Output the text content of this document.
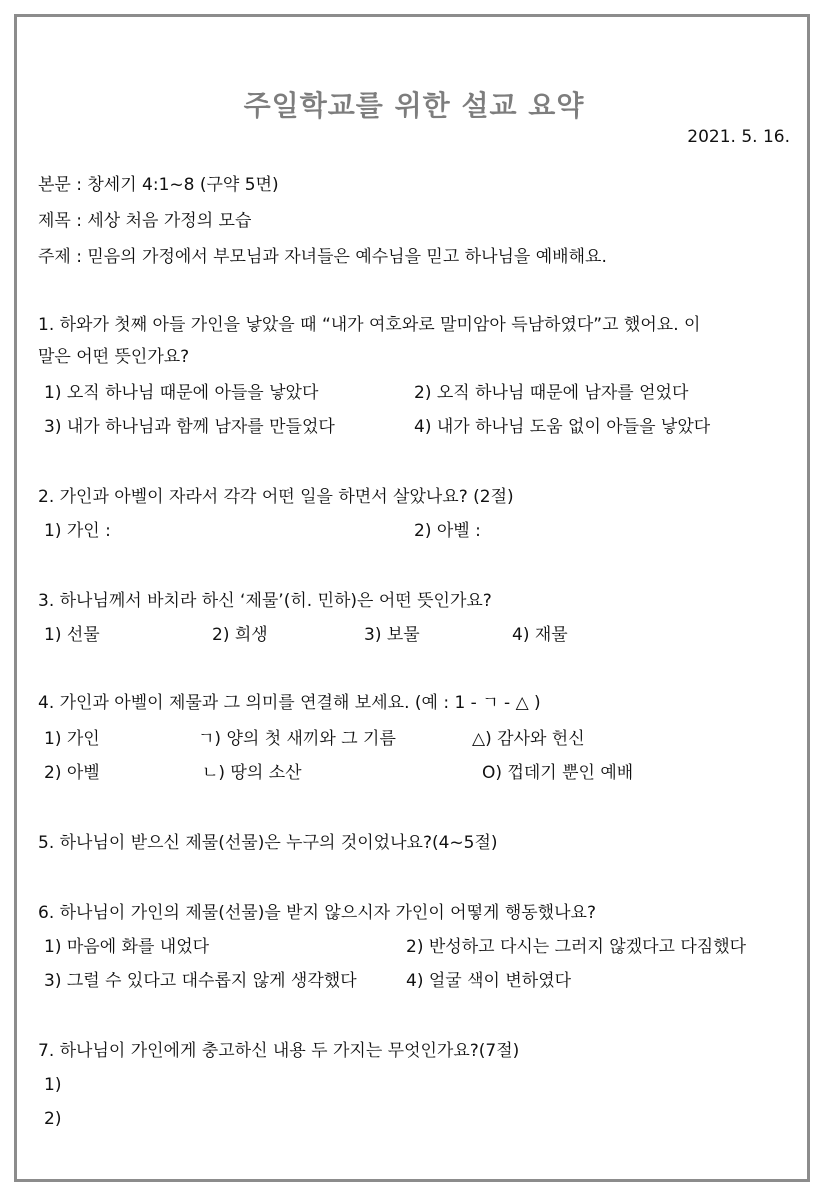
주일학교를 위한 설교 요약
2021. 5. 16.
본문 : 창세기 4:1~8 (구약 5면)
제목 : 세상 처음 가정의 모습
주제 : 믿음의 가정에서 부모님과 자녀들은 예수님을 믿고 하나님을 예배해요.
1. 하와가 첫째 아들 가인을 낳았을 때 “내가 여호와로 말미암아 득남하였다”고 했어요. 이
말은 어떤 뜻인가요?
1) 오직 하나님 때문에 아들을 낳았다	2) 오직 하나님 때문에 남자를 얻었다
3) 내가 하나님과 함께 남자를 만들었다	4) 내가 하나님 도움 없이 아들을 낳았다
2. 가인과 아벨이 자라서 각각 어떤 일을 하면서 살았나요? (2절)
1) 가인 :	2) 아벨 :
3. 하나님께서 바치라 하신 ‘제물’(히. 민하)은 어떤 뜻인가요?
1) 선물	2) 희생	3) 보물	4) 재물
4. 가인과 아벨이 제물과 그 의미를 연결해 보세요. (예 : 1 - ㄱ - △ )
1) 가인	ㄱ) 양의 첫 새끼와 그 기름	△) 감사와 헌신
2) 아벨	ㄴ) 땅의 소산	O) 껍데기 뿐인 예배
5. 하나님이 받으신 제물(선물)은 누구의 것이었나요?(4~5절)
6. 하나님이 가인의 제물(선물)을 받지 않으시자 가인이 어떻게 행동했나요?
1) 마음에 화를 내었다	2) 반성하고 다시는 그러지 않겠다고 다짐했다
3) 그럴 수 있다고 대수롭지 않게 생각했다	4) 얼굴 색이 변하였다
7. 하나님이 가인에게 충고하신 내용 두 가지는 무엇인가요?(7절)
1)
2)
